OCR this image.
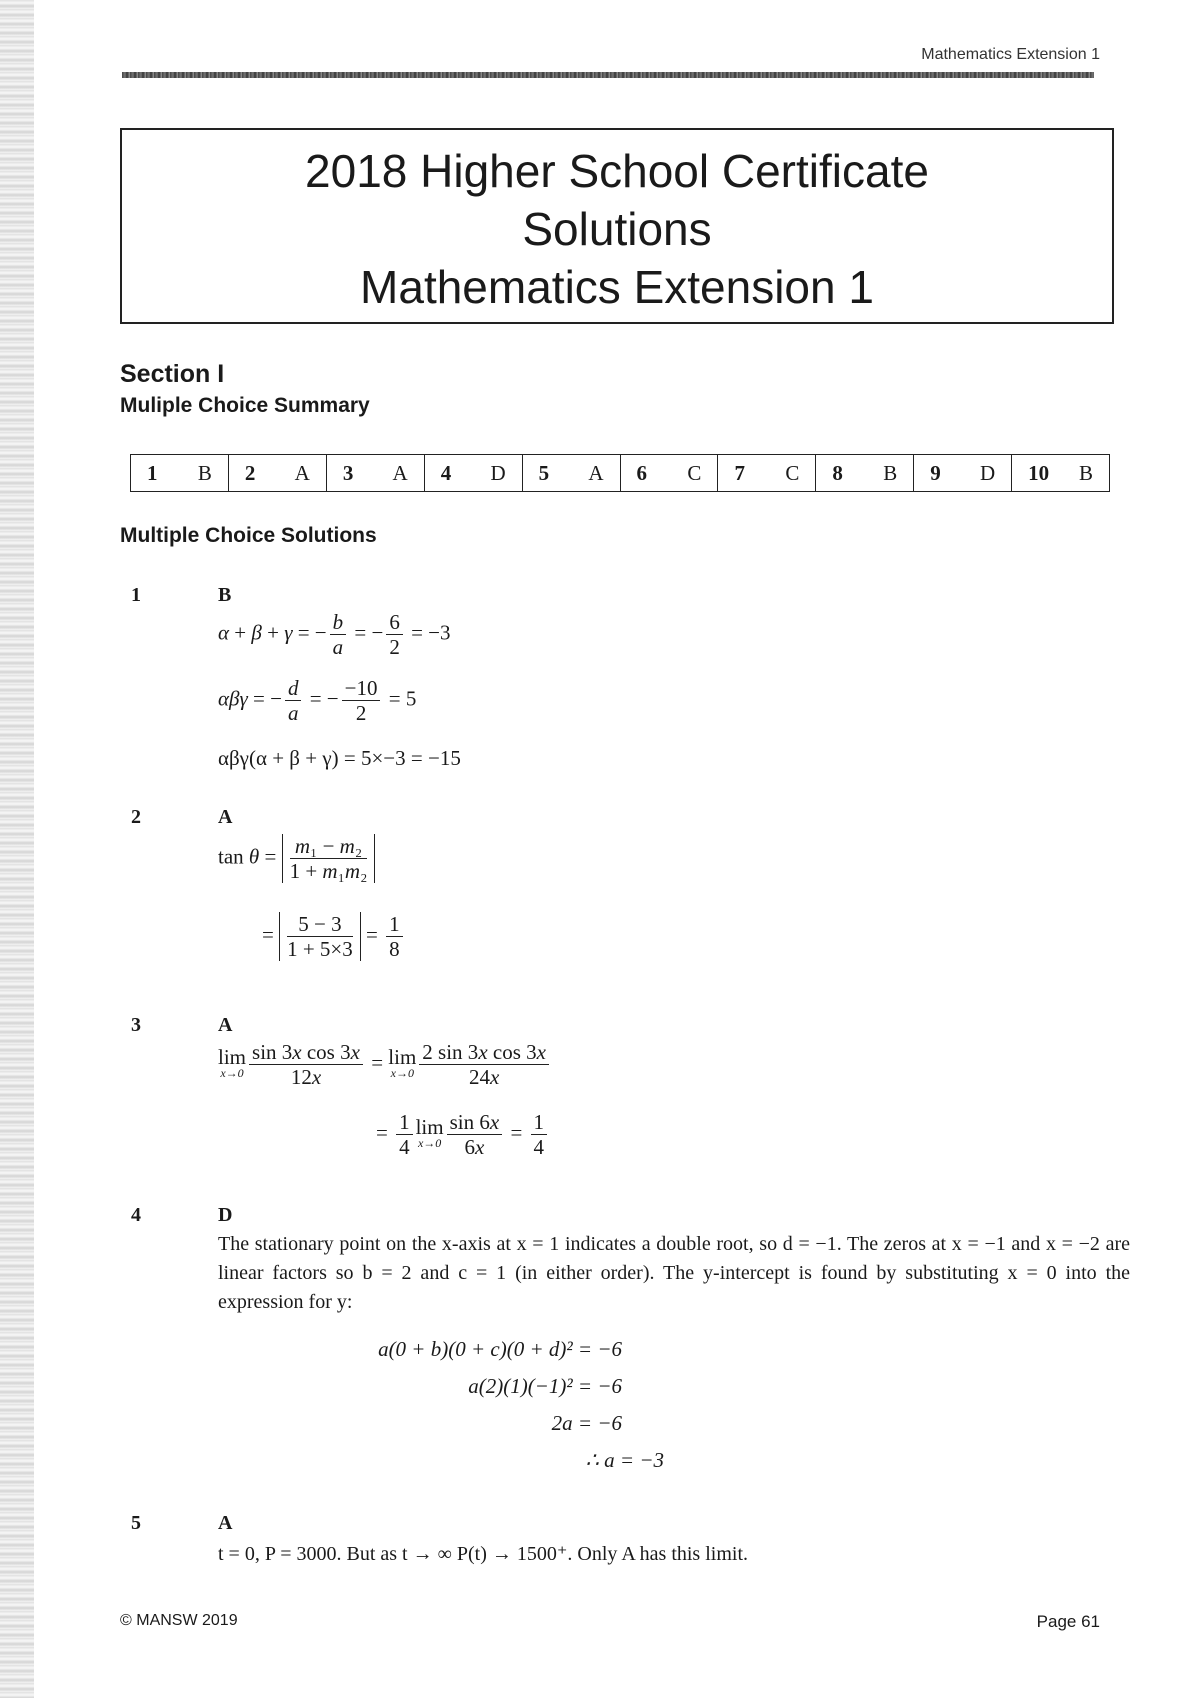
Mathematics Extension 1
2018 Higher School Certificate
Solutions
Mathematics Extension 1
Section I
Muliple Choice Summary
1 B 2 A 3 A 4 D 5 A 6 C 7 C 8 B 9 D 10 B
Multiple Choice Solutions
1	B
α + β + γ = − $\frac{b}{a}$ = − $\frac{6}{2} = -3$
αβγ = − $\frac{d}{a}$ = − $\frac{-10}{2} = 5$
αβγ(α + β + γ) = 5×−3 = −15
2	A
$\tan \theta = \frac{\text{m₁ − m₂}}{\text{1 + m₁m₂}}$
= $\frac{5 - 3}{1 + 5\times 3} = \frac{1}{8}$
3	A
lim
$x\to 0 \frac{\text{sin 3x cos 3x}}{12x} = \lim$
$x\to 0 \frac{\text{2 sin 3x cos 3x}}{24x}$
= $\frac{1}{4}$ lim
$x\to 0 \frac{\sin 6x}{6x} = \frac{1}{4}$
4	D
The stationary point on the x-axis at x = 1 indicates a double root, so d = −1. The zeros at x = −1 and x = −2 are linear factors so b = 2 and c = 1 (in either order). The y-intercept is found by substituting x = 0 into the expression for y:
a(0 + b)(0 + c)(0 + d)² = −6
a(2)(1)(−1)² = −6
2a = −6
∴ a = −3
5	A
t = 0, P = 3000. But as t → ∞ P(t) → 1500⁺. Only A has this limit.
© MANSW 2019	Page 61
